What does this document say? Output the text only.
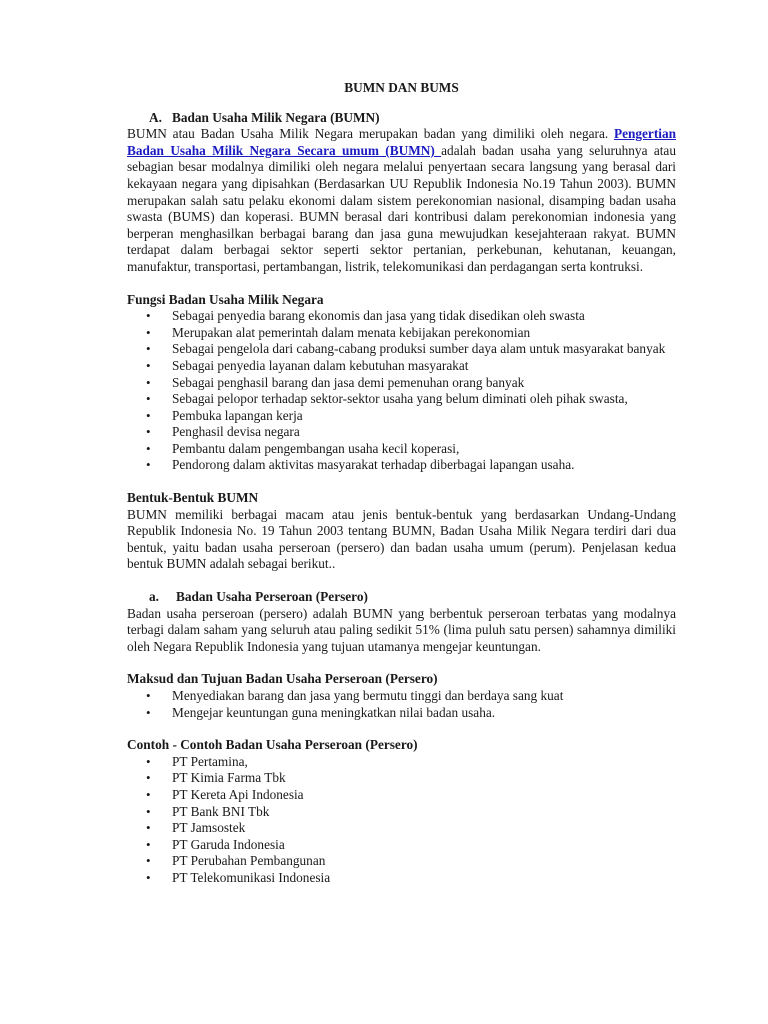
BUMN DAN BUMS

A. Badan Usaha Milik Negara (BUMN)

BUMN atau Badan Usaha Milik Negara merupakan badan yang dimiliki oleh negara. Pengertian Badan Usaha Milik Negara Secara umum (BUMN) adalah badan usaha yang seluruhnya atau sebagian besar modalnya dimiliki oleh negara melalui penyertaan secara langsung yang berasal dari kekayaan negara yang dipisahkan (Berdasarkan UU Republik Indonesia No.19 Tahun 2003). BUMN merupakan salah satu pelaku ekonomi dalam sistem perekonomian nasional, disamping badan usaha swasta (BUMS) dan koperasi. BUMN berasal dari kontribusi dalam perekonomian indonesia yang berperan menghasilkan berbagai barang dan jasa guna mewujudkan kesejahteraan rakyat. BUMN terdapat dalam berbagai sektor seperti sektor pertanian, perkebunan, kehutanan, keuangan, manufaktur, transportasi, pertambangan, listrik, telekomunikasi dan perdagangan serta kontruksi.

Fungsi Badan Usaha Milik Negara

• Sebagai penyedia barang ekonomis dan jasa yang tidak disedikan oleh swasta
• Merupakan alat pemerintah dalam menata kebijakan perekonomian
• Sebagai pengelola dari cabang-cabang produksi sumber daya alam untuk masyarakat banyak
• Sebagai penyedia layanan dalam kebutuhan masyarakat
• Sebagai penghasil barang dan jasa demi pemenuhan orang banyak
• Sebagai pelopor terhadap sektor-sektor usaha yang belum diminati oleh pihak swasta,
• Pembuka lapangan kerja
• Penghasil devisa negara
• Pembantu dalam pengembangan usaha kecil koperasi,
• Pendorong dalam aktivitas masyarakat terhadap diberbagai lapangan usaha.

Bentuk-Bentuk BUMN

BUMN memiliki berbagai macam atau jenis bentuk-bentuk yang berdasarkan Undang-Undang Republik Indonesia No. 19 Tahun 2003 tentang BUMN, Badan Usaha Milik Negara terdiri dari dua bentuk, yaitu badan usaha perseroan (persero) dan badan usaha umum (perum). Penjelasan kedua bentuk BUMN adalah sebagai berikut..

a. Badan Usaha Perseroan (Persero)

Badan usaha perseroan (persero) adalah BUMN yang berbentuk perseroan terbatas yang modalnya terbagi dalam saham yang seluruh atau paling sedikit 51% (lima puluh satu persen) sahamnya dimiliki oleh Negara Republik Indonesia yang tujuan utamanya mengejar keuntungan.

Maksud dan Tujuan Badan Usaha Perseroan (Persero)

• Menyediakan barang dan jasa yang bermutu tinggi dan berdaya sang kuat
• Mengejar keuntungan guna meningkatkan nilai badan usaha.

Contoh - Contoh Badan Usaha Perseroan (Persero)

• PT Pertamina,
• PT Kimia Farma Tbk
• PT Kereta Api Indonesia
• PT Bank BNI Tbk
• PT Jamsostek
• PT Garuda Indonesia
• PT Perubahan Pembangunan
• PT Telekomunikasi Indonesia
